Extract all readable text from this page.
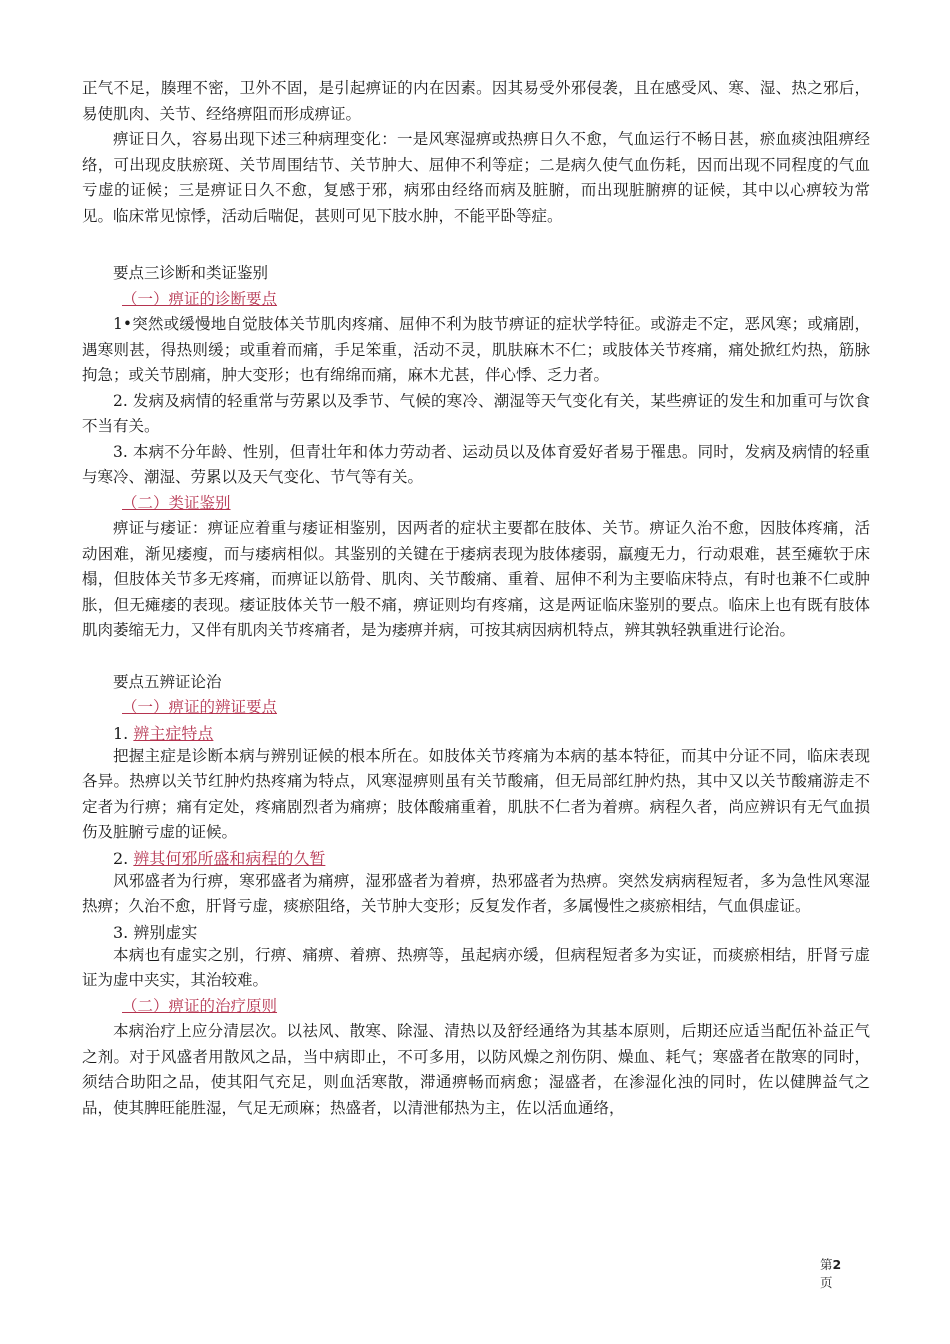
正气不足，腠理不密，卫外不固，是引起痹证的内在因素。因其易受外邪侵袭，且在感受风、寒、湿、热之邪后，易使肌肉、关节、经络痹阻而形成痹证。

痹证日久，容易出现下述三种病理变化：一是风寒湿痹或热痹日久不愈，气血运行不畅日甚，瘀血痰浊阻痹经络，可出现皮肤瘀斑、关节周围结节、关节肿大、屈伸不利等症；二是病久使气血伤耗，因而出现不同程度的气血亏虚的证候；三是痹证日久不愈，复感于邪，病邪由经络而病及脏腑，而出现脏腑痹的证候，其中以心痹较为常见。临床常见惊悸，活动后喘促，甚则可见下肢水肿，不能平卧等症。

要点三诊断和类证鉴别
（一）痹证的诊断要点

1•突然或缓慢地自觉肢体关节肌肉疼痛、屈伸不利为肢节痹证的症状学特征。或游走不定，恶风寒；或痛剧，遇寒则甚，得热则缓；或重着而痛，手足笨重，活动不灵，肌肤麻木不仁；或肢体关节疼痛，痛处掀红灼热，筋脉拘急；或关节剧痛，肿大变形；也有绵绵而痛，麻木尤甚，伴心悸、乏力者。

2. 发病及病情的轻重常与劳累以及季节、气候的寒冷、潮湿等天气变化有关，某些痹证的发生和加重可与饮食不当有关。

3. 本病不分年龄、性别，但青壮年和体力劳动者、运动员以及体育爱好者易于罹患。同时，发病及病情的轻重与寒冷、潮湿、劳累以及天气变化、节气等有关。

（二）类证鉴别

痹证与痿证：痹证应着重与痿证相鉴别，因两者的症状主要都在肢体、关节。痹证久治不愈，因肢体疼痛，活动困难，渐见痿瘦，而与痿病相似。其鉴别的关键在于痿病表现为肢体痿弱，羸瘦无力，行动艰难，甚至瘫软于床榻，但肢体关节多无疼痛，而痹证以筋骨、肌肉、关节酸痛、重着、屈伸不利为主要临床特点，有时也兼不仁或肿胀，但无瘫痿的表现。痿证肢体关节一般不痛，痹证则均有疼痛，这是两证临床鉴别的要点。临床上也有既有肢体肌肉萎缩无力，又伴有肌肉关节疼痛者，是为痿痹并病，可按其病因病机特点，辨其孰轻孰重进行论治。

要点五辨证论治
（一）痹证的辨证要点
1. 辨主症特点

把握主症是诊断本病与辨别证候的根本所在。如肢体关节疼痛为本病的基本特征，而其中分证不同，临床表现各异。热痹以关节红肿灼热疼痛为特点，风寒湿痹则虽有关节酸痛，但无局部红肿灼热，其中又以关节酸痛游走不定者为行痹；痛有定处，疼痛剧烈者为痛痹；肢体酸痛重着，肌肤不仁者为着痹。病程久者，尚应辨识有无气血损伤及脏腑亏虚的证候。

2. 辨其何邪所盛和病程的久暂

风邪盛者为行痹，寒邪盛者为痛痹，湿邪盛者为着痹，热邪盛者为热痹。突然发病病程短者，多为急性风寒湿热痹；久治不愈，肝肾亏虚，痰瘀阻络，关节肿大变形；反复发作者，多属慢性之痰瘀相结，气血俱虚证。

3. 辨别虚实

本病也有虚实之别，行痹、痛痹、着痹、热痹等，虽起病亦缓，但病程短者多为实证，而痰瘀相结，肝肾亏虚证为虚中夹实，其治较难。

（二）痹证的治疗原则

本病治疗上应分清层次。以祛风、散寒、除湿、清热以及舒经通络为其基本原则，后期还应适当配伍补益正气之剂。对于风盛者用散风之品，当中病即止，不可多用，以防风燥之剂伤阴、燥血、耗气；寒盛者在散寒的同时，须结合助阳之品，使其阳气充足，则血活寒散，滞通痹畅而病愈；湿盛者，在渗湿化浊的同时，佐以健脾益气之品，使其脾旺能胜湿，气足无顽麻；热盛者，以清泄郁热为主，佐以活血通络，

第2
页
